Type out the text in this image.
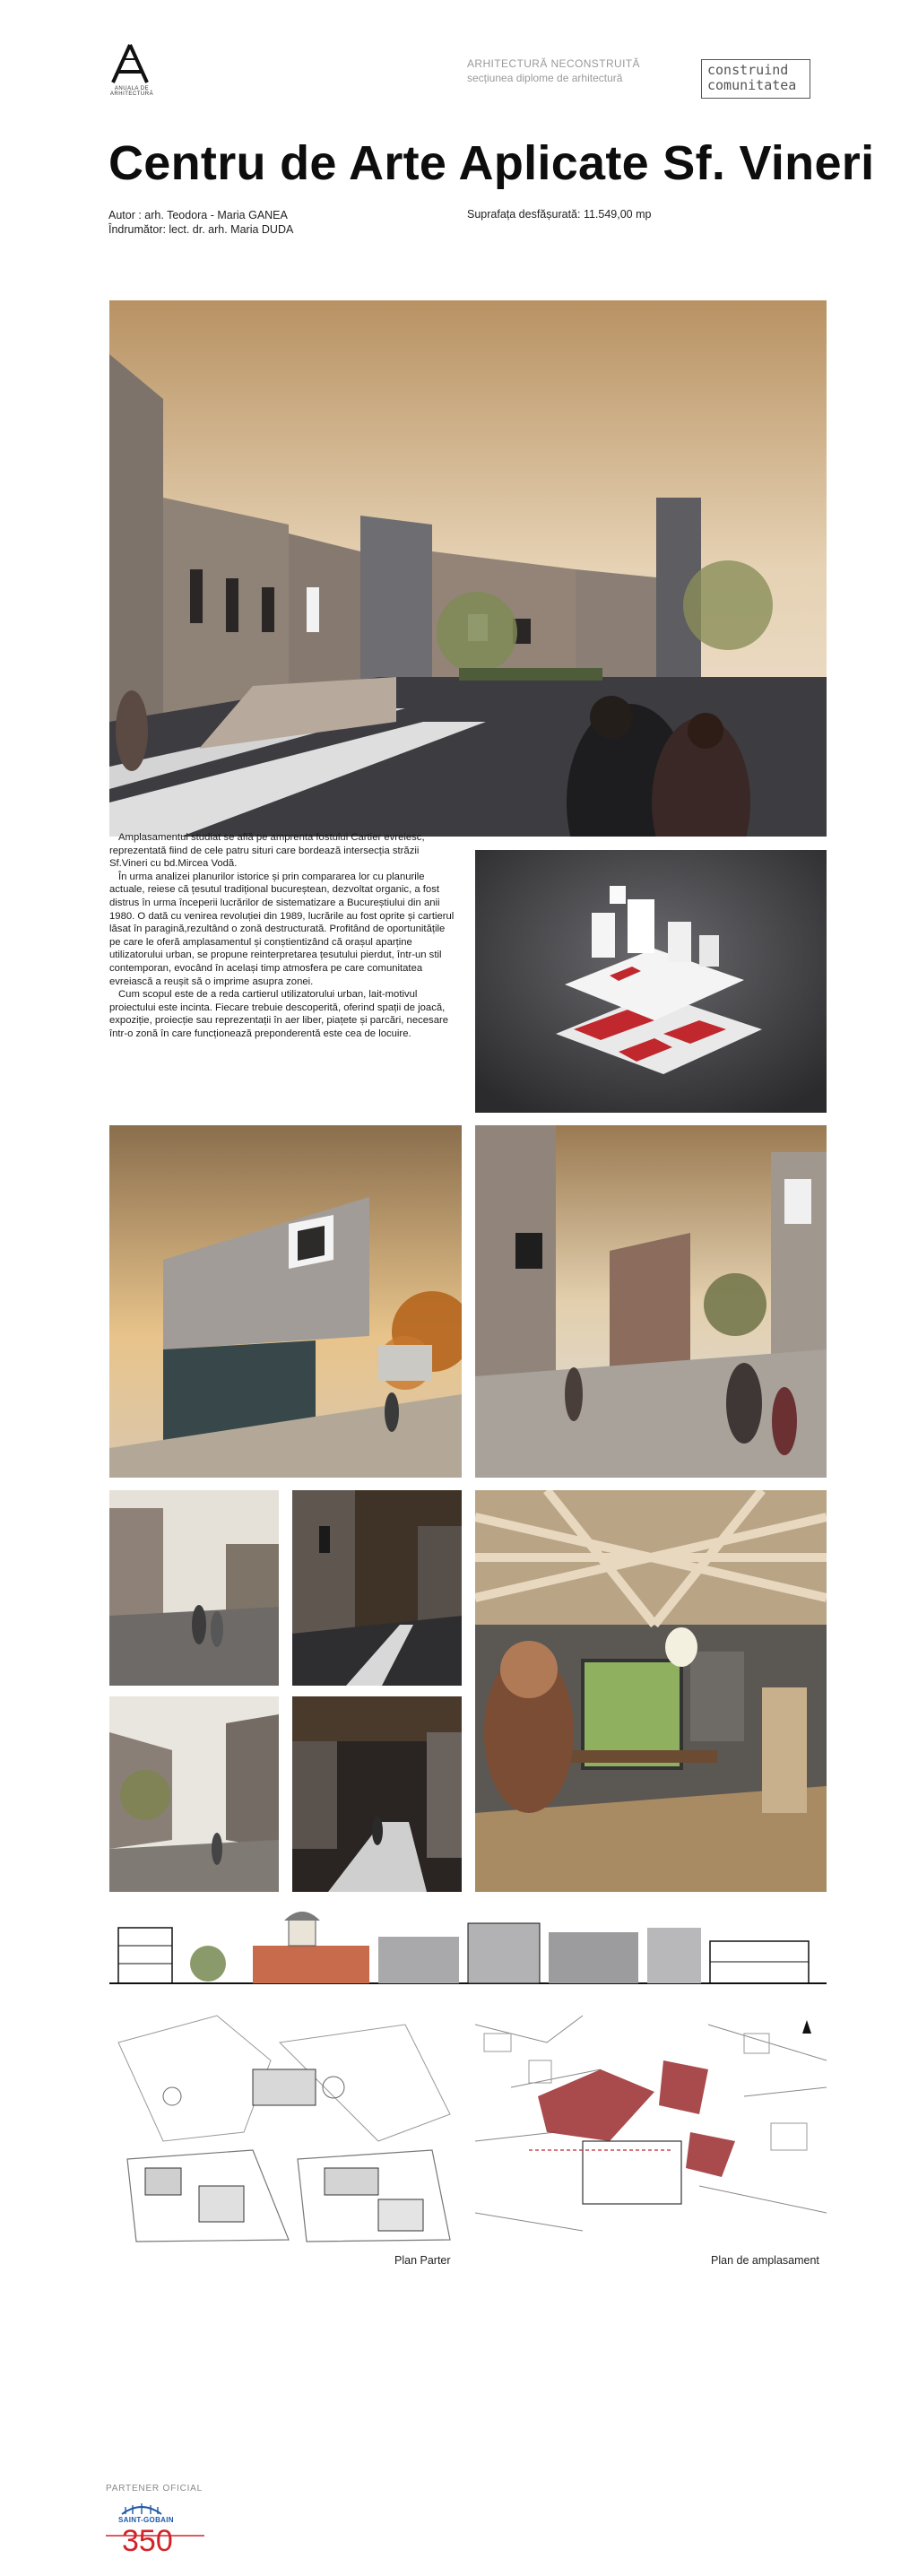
ANUALA DE ARHITECTURĂ
ARHITECTURĂ NECONSTRUITĂ
secțiunea diplome de arhitectură	construind
comunitatea
Centru de Arte Aplicate Sf. Vineri
Autor : arh. Teodora - Maria GANEA
Îndrumător: lect. dr. arh. Maria DUDA
Suprafața desfășurată: 11.549,00 mp

Amplasamentul studiat se află pe amprenta fostului Cartier evreiesc, reprezentată fiind de cele patru situri care bordează intersecția străzii Sf.Vineri cu bd.Mircea Vodă.

În urma analizei planurilor istorice și prin compararea lor cu planurile actuale, reiese că țesutul tradițional bucureștean, dezvoltat organic, a fost distrus în urma începerii lucrărilor de sistematizare a Bucureștiului din anii 1980. O dată cu venirea revoluției din 1989, lucrările au fost oprite și cartierul lăsat în paragină,rezultând o zonă destructurată. Profitând de oportunitățile pe care le oferă amplasamentul și conștientizând că orașul aparține utilizatorului urban, se propune reinterpretarea țesutului pierdut, într-un stil contemporan, evocând în același timp atmosfera pe care comunitatea evreiască a reușit să o imprime asupra zonei.

Cum scopul este de a reda cartierul utilizatorului urban, lait-motivul proiectului este incinta. Fiecare trebuie descoperită, oferind spații de joacă, expoziție, proiecție sau reprezentații în aer liber, piațete și parcări, necesare într-o zonă în care funcționează preponderentă este cea de locuire.

Plan Parter	Plan de amplasament
PARTENER OFICIAL
SAINT-GOBAIN
350
